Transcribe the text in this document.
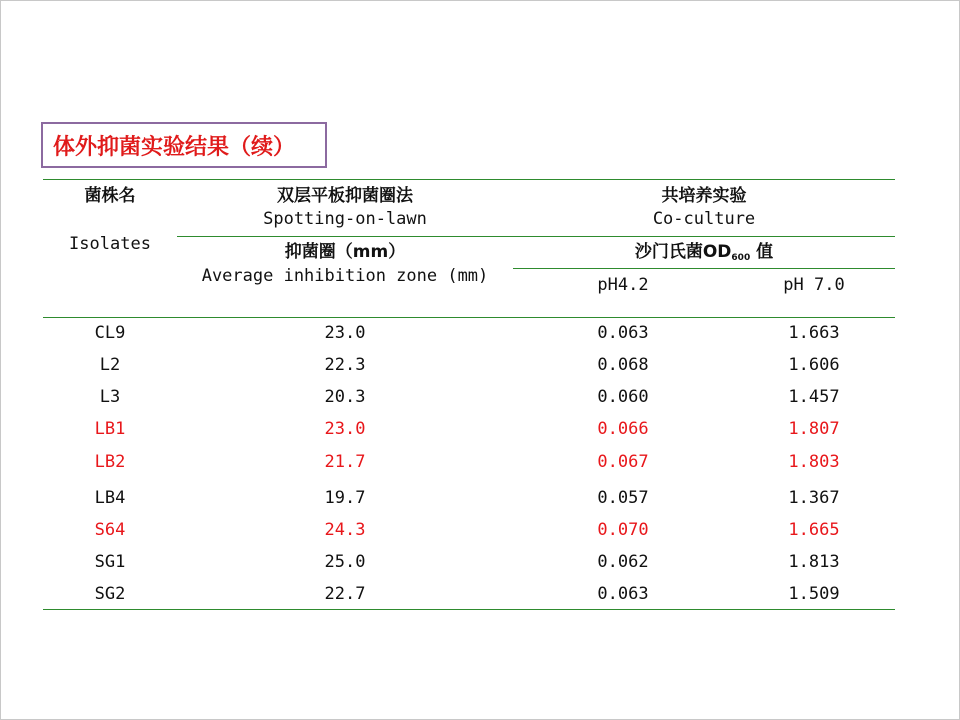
体外抑菌实验结果（续）
菌株名
Isolates
双层平板抑菌圈法
Spotting-on-lawn
共培养实验
Co-culture
抑菌圈（mm）
Average inhibition zone (mm)
沙门氏菌$OD_{600}$ 值
pH4.2	pH 7.0
CL9	23.0	0.063	1.663
L2	22.3	0.068	1.606
L3	20.3	0.060	1.457
LB1	23.0	0.066	1.807
LB2	21.7	0.067	1.803
LB4	19.7	0.057	1.367
S64	24.3	0.070	1.665
SG1	25.0	0.062	1.813
SG2	22.7	0.063	1.509
